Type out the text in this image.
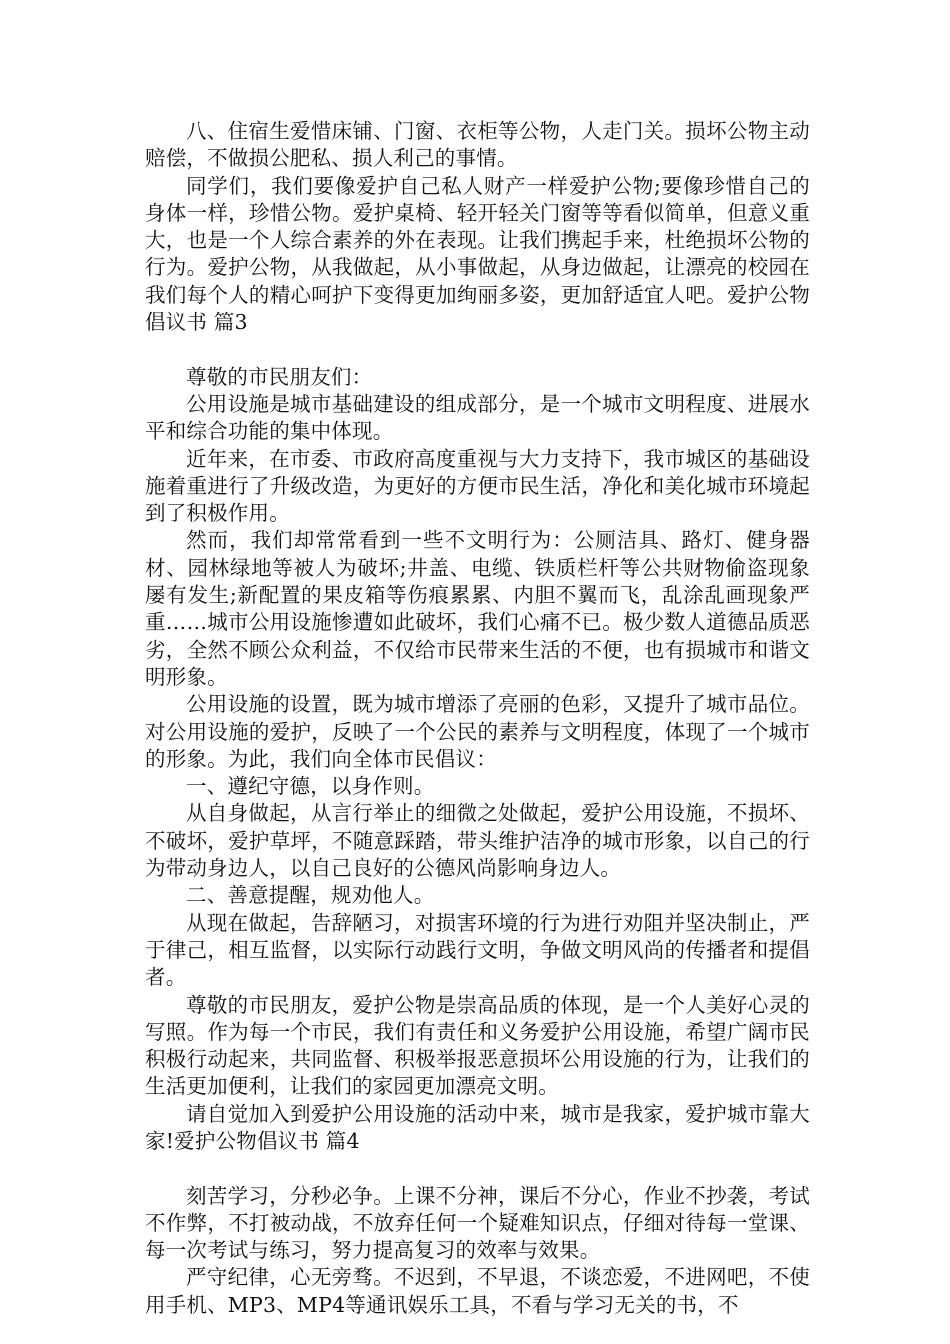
八、住宿生爱惜床铺、门窗、衣柜等公物，人走门关。损坏公物主动赔偿，不做损公肥私、损人利己的事情。

同学们，我们要像爱护自己私人财产一样爱护公物;要像珍惜自己的身体一样，珍惜公物。爱护桌椅、轻开轻关门窗等等看似简单，但意义重大，也是一个人综合素养的外在表现。让我们携起手来，杜绝损坏公物的行为。爱护公物，从我做起，从小事做起，从身边做起，让漂亮的校园在我们每个人的精心呵护下变得更加绚丽多姿，更加舒适宜人吧。爱护公物倡议书 篇3

尊敬的市民朋友们：

公用设施是城市基础建设的组成部分，是一个城市文明程度、进展水平和综合功能的集中体现。

近年来，在市委、市政府高度重视与大力支持下，我市城区的基础设施着重进行了升级改造，为更好的方便市民生活，净化和美化城市环境起到了积极作用。

然而，我们却常常看到一些不文明行为：公厕洁具、路灯、健身器材、园林绿地等被人为破坏;井盖、电缆、铁质栏杆等公共财物偷盗现象屡有发生;新配置的果皮箱等伤痕累累、内胆不翼而飞，乱涂乱画现象严重……城市公用设施惨遭如此破坏，我们心痛不已。极少数人道德品质恶劣，全然不顾公众利益，不仅给市民带来生活的不便，也有损城市和谐文明形象。

公用设施的设置，既为城市增添了亮丽的色彩，又提升了城市品位。对公用设施的爱护，反映了一个公民的素养与文明程度，体现了一个城市的形象。为此，我们向全体市民倡议：

一、遵纪守德，以身作则。

从自身做起，从言行举止的细微之处做起，爱护公用设施，不损坏、不破坏，爱护草坪，不随意踩踏，带头维护洁净的城市形象，以自己的行为带动身边人，以自己良好的公德风尚影响身边人。

二、善意提醒，规劝他人。

从现在做起，告辞陋习，对损害环境的行为进行劝阻并坚决制止，严于律己，相互监督，以实际行动践行文明，争做文明风尚的传播者和提倡者。

尊敬的市民朋友，爱护公物是崇高品质的体现，是一个人美好心灵的写照。作为每一个市民，我们有责任和义务爱护公用设施，希望广阔市民积极行动起来，共同监督、积极举报恶意损坏公用设施的行为，让我们的生活更加便利，让我们的家园更加漂亮文明。

请自觉加入到爱护公用设施的活动中来，城市是我家，爱护城市靠大家!爱护公物倡议书 篇4

刻苦学习，分秒必争。上课不分神，课后不分心，作业不抄袭，考试不作弊，不打被动战，不放弃任何一个疑难知识点，仔细对待每一堂课、每一次考试与练习，努力提高复习的效率与效果。

严守纪律，心无旁骛。不迟到，不早退，不谈恋爱，不进网吧，不使用手机、MP3、MP4等通讯娱乐工具，不看与学习无关的书，不
